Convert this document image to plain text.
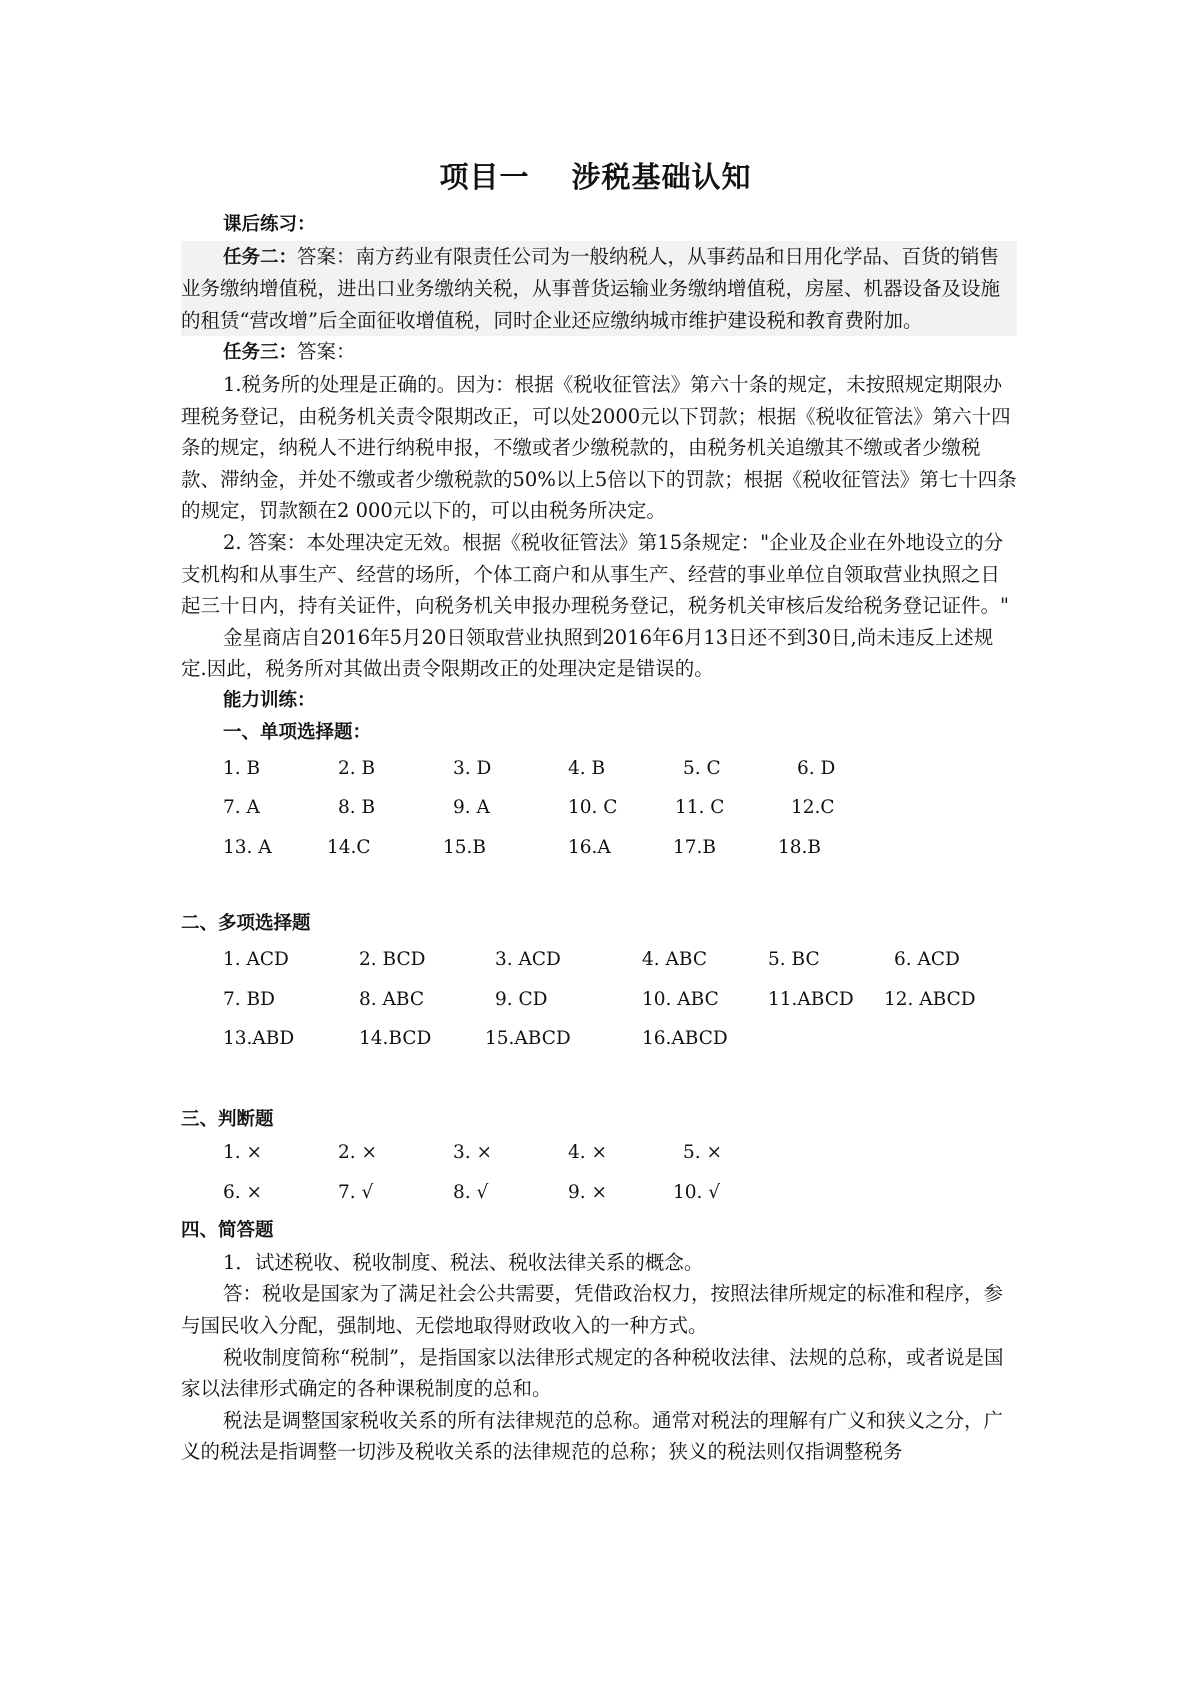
项目一 涉税基础认知

课后练习：

任务二：答案：南方药业有限责任公司为一般纳税人，从事药品和日用化学品、百货的销售业务缴纳增值税，进出口业务缴纳关税，从事普货运输业务缴纳增值税，房屋、机器设备及设施的租赁“营改增”后全面征收增值税，同时企业还应缴纳城市维护建设税和教育费附加。

任务三：答案：

1.税务所的处理是正确的。因为：根据《税收征管法》第六十条的规定，未按照规定期限办理税务登记，由税务机关责令限期改正，可以处2000元以下罚款；根据《税收征管法》第六十四条的规定，纳税人不进行纳税申报，不缴或者少缴税款的，由税务机关追缴其不缴或者少缴税款、滞纳金，并处不缴或者少缴税款的50%以上5倍以下的罚款；根据《税收征管法》第七十四条的规定，罚款额在2 000元以下的，可以由税务所决定。

2. 答案：本处理决定无效。根据《税收征管法》第15条规定："企业及企业在外地设立的分支机构和从事生产、经营的场所，个体工商户和从事生产、经营的事业单位自领取营业执照之日起三十日内，持有关证件，向税务机关申报办理税务登记，税务机关审核后发给税务登记证件。"

金星商店自2016年5月20日领取营业执照到2016年6月13日还不到30日,尚未违反上述规定.因此，税务所对其做出责令限期改正的处理决定是错误的。

能力训练：

一、单项选择题：

1. B	2. B	3. D	4. B	5. C	6. D
7. A	8. B	9. A	10. C	11. C	12.C
13. A	14.C	15.B	16.A	17.B	18.B

二、多项选择题

1. ACD	2. BCD	3. ACD	4. ABC	5. BC	6. ACD
7. BD	8. ABC	9. CD	10. ABC	11.ABCD 12. ABCD
13.ABD	14.BCD	15.ABCD	16.ABCD

三、判断题

1. ×	2. ×	3. ×	4. ×	5. ×
6. ×	7. √	8. √	9. ×	10. √

四、简答题

1．试述税收、税收制度、税法、税收法律关系的概念。

答：税收是国家为了满足社会公共需要，凭借政治权力，按照法律所规定的标准和程序，参与国民收入分配，强制地、无偿地取得财政收入的一种方式。

税收制度简称“税制”，是指国家以法律形式规定的各种税收法律、法规的总称，或者说是国家以法律形式确定的各种课税制度的总和。

税法是调整国家税收关系的所有法律规范的总称。通常对税法的理解有广义和狭义之分，广义的税法是指调整一切涉及税收关系的法律规范的总称；狭义的税法则仅指调整税务
